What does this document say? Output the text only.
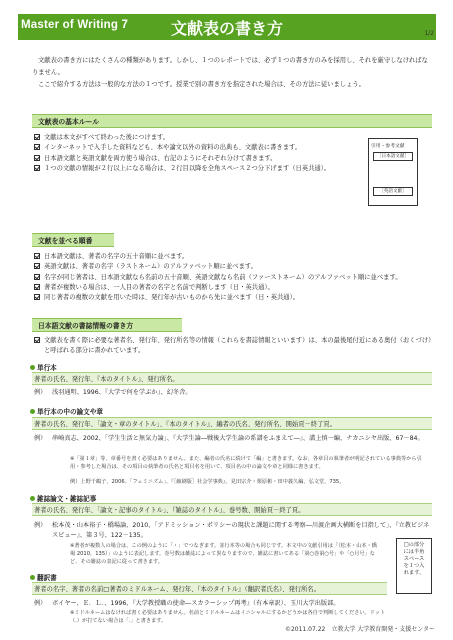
Master of Writing 7	文献表の書き方	1/2

文献表の書き方にはたくさんの種類があります。しかし、１つのレポートでは、必ず１つの書き方のみを採用し、それを厳守しなければなりません。

ここで紹介する方法は一般的な方法の１つです。授業で別の書き方を指定された場合は、その方法に従いましょう。

文献表の基本ルール
文献は本文がすべて終わった後につけます。
インターネットで入手した資料なども、本や論文以外の資料の出典も、文献表に書きます。
日本語文献と英語文献を両方使う場合は、右記のようにそれぞれ分けて書きます。
１つの文献の情報が２行以上になる場合は、２行目以降を全角スペース２つ分下げます（日英共通）。
引用・参考文献
［日本語文献］
［英語文献］
文献を並べる順番
日本語文献は、著者の名字の五十音順に並べます。
英語文献は、著者の名字（ラストネーム）のアルファベット順に並べます。
名字が同じ著者は、日本語文献なら名前の五十音順、英語文献なら名前（ファーストネーム）のアルファベット順に並べます。
著者が複数いる場合は、一人目の著者の名字と名前で判断します（日・英共通）。
同じ著者の複数の文献を用いた時は、発行年が古いものから先に並べます（日・英共通）。
日本語文献の書誌情報の書き方
文献表を書く際に必要な著者名、発行年、発行所名等の情報（これらを書誌情報といいます）は、本の最後尾付近にある奥付（おくづけ）と呼ばれる部分に書かれています。
単行本
著者の氏名、発行年、『本のタイトル』、発行所名。
例） 浅羽通明、1996、『大学で何を学ぶか』、幻冬舎。
単行本の中の論文や章
著者の氏名、発行年、「論文・章のタイトル」、『本のタイトル』、編者の氏名、発行所名、開始頁－終了頁。
例） 串崎真志、2002、「学生生活と無気力論」、『大学生論―戦後大学生論の系譜をふまえて―』、溝上慎一編、ナカニシヤ出版、67－84。
※「第１章」等、章番号を書く必要はありません。また、編者の氏名に続けて「編」と書きます。なお、各章目の執筆者が明記されている事典等から引用・参考した場合は、その項目の執筆者の氏名と項目名を用いて、項目名の中の論文や章と同様に書きます。
例）上野千鶴子、2006、「フェミニズム」、『［縮刷版］社会学事典』、見田宗介・栗原彬・田中義久編、弘文堂、735。
雑誌論文・雑誌記事
著者の氏名、発行年、「論文・記事のタイトル」、『雑誌のタイトル』、巻号数、開始頁－終了頁。
例） 松本茂・山本裕子・橋場論、2010、「アドミッション・ポリシーの現状と課題に関する考察―川渡企画大横断を目指して」、『立教ビジネスビュー』、第３号、122－135。
※著者が複数人の場合は、この例のように「・」でつなぎます。並行本等の場合も同じです。本文中の文献引用は「（松本・山本・橋場 2010，135）」のように表記します。巻号数は雑誌によって異なりますので、雑誌に書いてある「第○巻第○号」や「○月号」など、その雑誌の表記に従って書きます。
翻訳書
著者の名字、著者の名前□著者のミドルネーム、発行年、『本のタイトル』（翻訳者氏名）、発行所名。
例） ボイヤー、Ｅ．Ｌ．、1996、『大学教授職の使命―スカラーシップ再考』（有本章訳）、玉川大学出版部。
※ミドルネームはなければ書く必要はありません。名前とミドルネームはイニシャルにするかどうかは各自で判断してください。ドット（.）が打てない場合は「.」と書きます。
□の部分
には半角
スペース
を１つ入
れます。
©2011.07.22　立教大学 大学教育開発・支援センター
